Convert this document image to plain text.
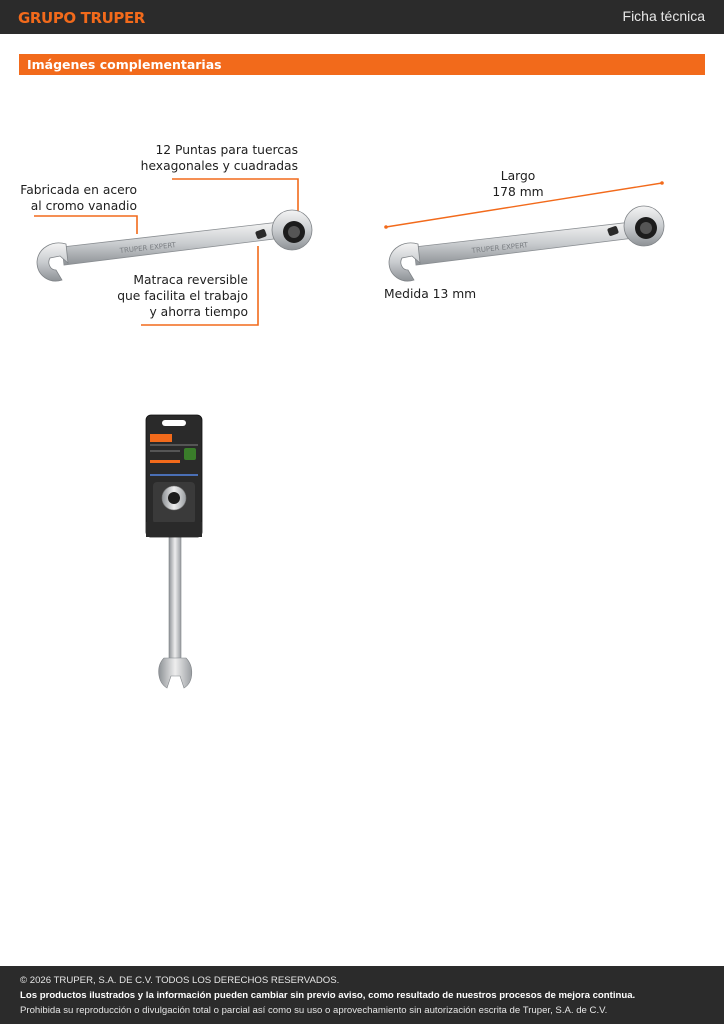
GRUPO TRUPER	Ficha técnica
Imágenes complementarias
TRUPER EXPERT	TRUPER EXPERT
Fabricada en acero
al cromo vanadio
12 Puntas para tuercas
hexagonales y cuadradas
Matraca reversible
que facilita el trabajo
y ahorra tiempo
Largo
178 mm
Medida 13 mm
© 2026 TRUPER, S.A. DE C.V. TODOS LOS DERECHOS RESERVADOS.
Los productos ilustrados y la información pueden cambiar sin previo aviso, como resultado de nuestros procesos de mejora continua.
Prohibida su reproducción o divulgación total o parcial así como su uso o aprovechamiento sin autorización escrita de Truper, S.A. de C.V.
